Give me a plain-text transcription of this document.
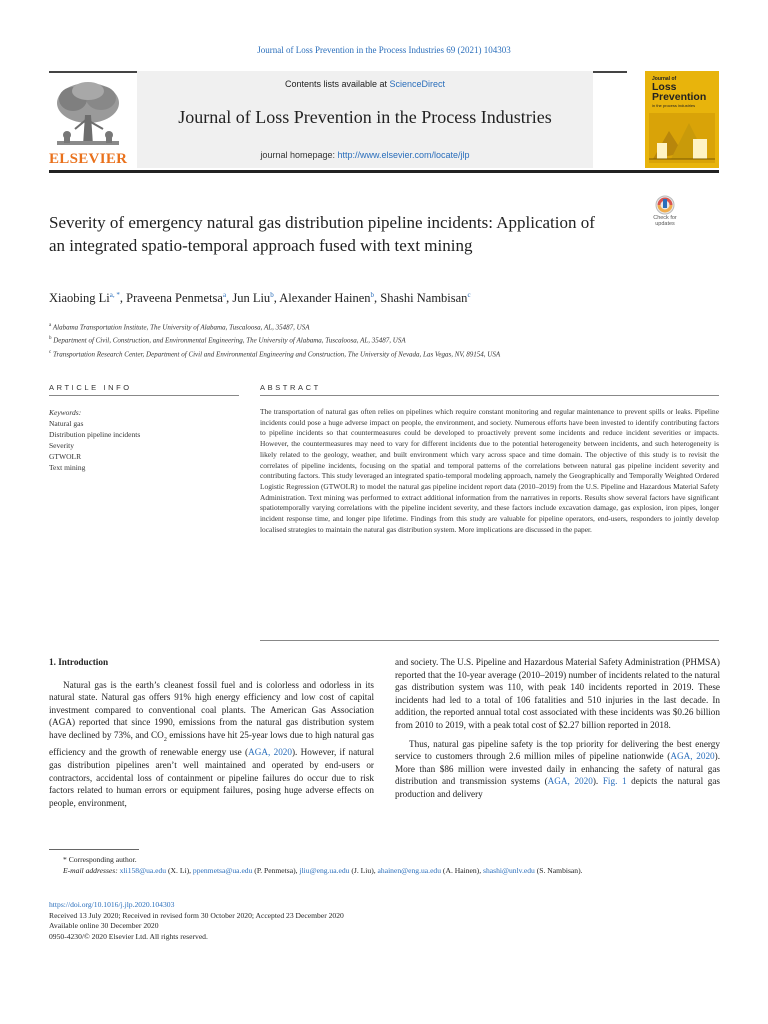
Journal of Loss Prevention in the Process Industries 69 (2021) 104303
ELSEVIER
Contents lists available at ScienceDirect
Journal of Loss Prevention in the Process Industries
journal homepage: http://www.elsevier.com/locate/jlp
Journal of
Loss
Prevention
in the process industries
Check for updates
Severity of emergency natural gas distribution pipeline incidents: Application of an integrated spatio-temporal approach fused with text mining
Xiaobing $Li^{a, *}$, Praveena Penmetsa$^a$, Jun Liu$^b$, Alexander Hainen$^b$, Shashi Nambisan$^c$
$^a$ Alabama Transportation Institute, The University of Alabama, Tuscaloosa, AL, 35487, USA
$^b$ Department of Civil, Construction, and Environmental Engineering, The University of Alabama, Tuscaloosa, AL, 35487, USA
$^c$ Transportation Research Center, Department of Civil and Environmental Engineering and Construction, The University of Nevada, Las Vegas, NV, 89154, USA
ARTICLE INFO	ABSTRACT
Keywords:
Natural gas
Distribution pipeline incidents
Severity
GTWOLR
Text mining
The transportation of natural gas often relies on pipelines which require constant monitoring and regular maintenance to prevent spills or leaks. Pipeline incidents could pose a huge adverse impact on people, the environment, and society. Numerous efforts have been invested to identify contributing factors to pipeline incidents so that countermeasures could be developed to proactively prevent some incidents and reduce incident severities or impacts. However, the countermeasures may need to vary for different incidents due to the potential heterogeneity between incidents, and such heterogeneity is likely related to the geology, weather, and built environment which vary across space and time domain. The objective of this study is to revisit the correlates of pipeline incidents, focusing on the spatial and temporal patterns of the correlations between natural gas pipeline incident severity and contributing factors. This study leveraged an integrated spatio-temporal modeling approach, namely the Geographically and Temporally Weighted Ordered Logistic Regression (GTWOLR) to model the natural gas pipeline incident report data (2010–2019) from the U.S. Pipeline and Hazardous Material Safety Administration. Text mining was performed to extract additional information from the narratives in reports. Results show several factors have significant spatiotemporally varying correlations with the pipeline incident severity, and these factors include excavation damage, gas explosion, iron pipes, longer incident response time, and longer pipe lifetime. Findings from this study are valuable for pipeline operators, end-users, responders to jointly develop localised strategies to maintain the natural gas distribution system. More implications are discussed in the paper.
1. Introduction

Natural gas is the earth’s cleanest fossil fuel and is colorless and odorless in its natural state. Natural gas offers 91% high energy efficiency and low cost of capital investment compared to conventional coal plants. The American Gas Association (AGA) reported that since 1990, emissions from the natural gas distribution system have declined by 73%, and $CO_2$ emissions have hit 25-year lows due to high natural gas efficiency and the growth of renewable energy use (AGA, 2020). However, if natural gas distribution pipelines aren’t well maintained and operated by end-users or contractors, accidental loss of containment or pipeline failures do occur due to risk factors related to human errors or equipment failures, posing huge adverse effects on people, environment,

and society. The U.S. Pipeline and Hazardous Material Safety Administration (PHMSA) reported that the 10-year average (2010–2019) number of incidents related to the natural gas distribution system was 110, with peak 140 incidents reported in 2019. These incidents had led to a total of 106 fatalities and 510 injuries in the last decade. In addition, the reported annual total cost associated with these incidents was $0.26 billion from 2010 to 2019, with a peak total cost of $2.27 billion reported in 2018.

Thus, natural gas pipeline safety is the top priority for delivering the best energy service to customers through 2.6 million miles of pipeline nationwide (AGA, 2020). More than $86 million were invested daily in enhancing the safety of natural gas distribution and transmission systems (AGA, 2020). Fig. 1 depicts the natural gas production and delivery

* Corresponding author.
E-mail addresses: xli158@ua.edu (X. Li), ppenmetsa@ua.edu (P. Penmetsa), jliu@eng.ua.edu (J. Liu), ahainen@eng.ua.edu (A. Hainen), shashi@unlv.edu (S. Nambisan).
https://doi.org/10.1016/j.jlp.2020.104303
Received 13 July 2020; Received in revised form 30 October 2020; Accepted 23 December 2020
Available online 30 December 2020
0950-4230/© 2020 Elsevier Ltd. All rights reserved.
